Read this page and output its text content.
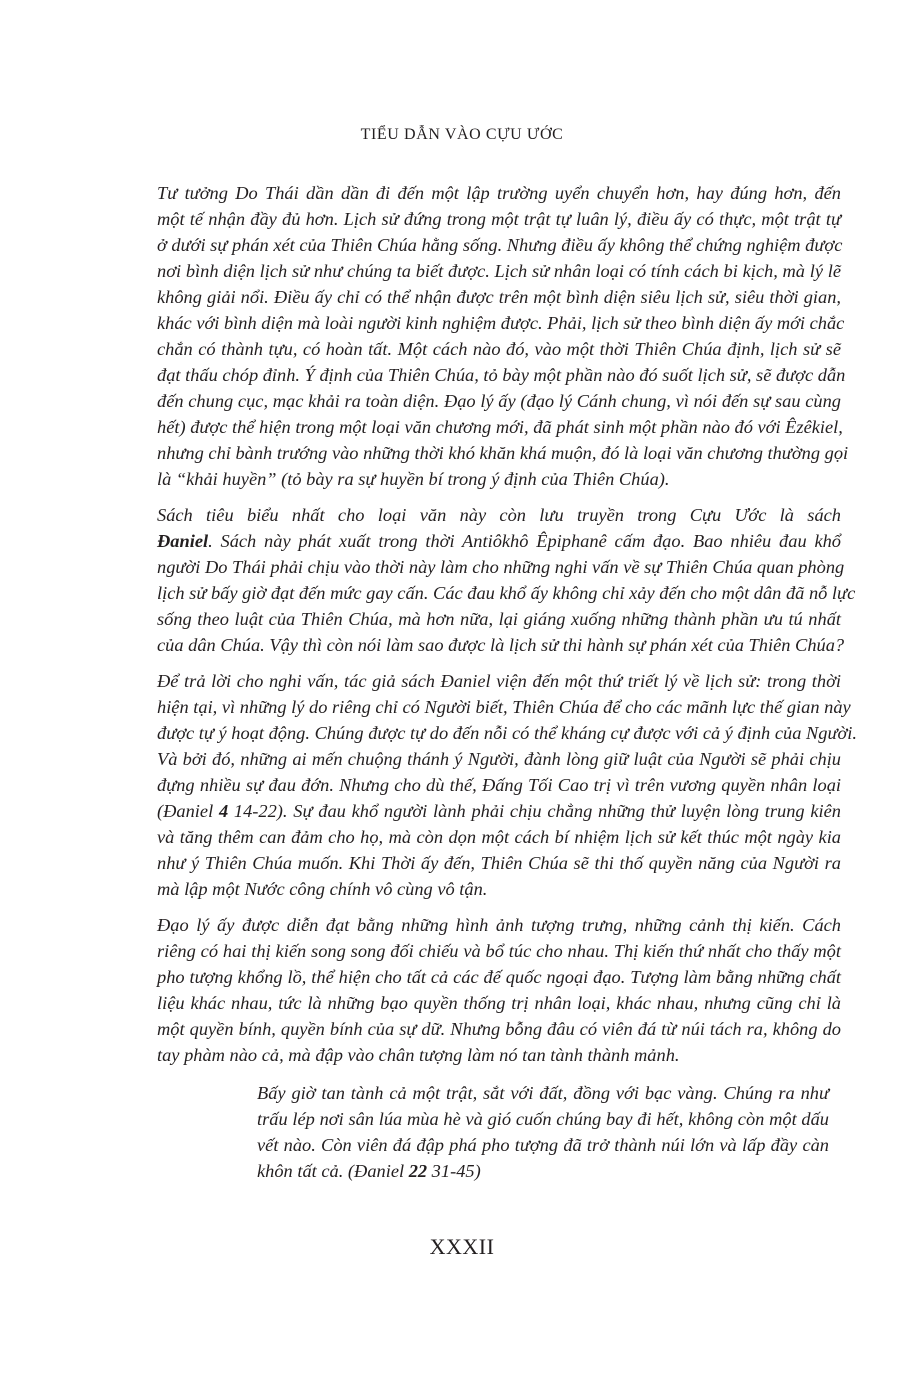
TIỂU DẪN VÀO CỰU ƯỚC

Tư tưởng Do Thái dần dần đi đến một lập trường uyển chuyển hơn, hay đúng hơn, đến
một tế nhận đầy đủ hơn. Lịch sử đứng trong một trật tự luân lý, điều ấy có thực, một trật tự
ở dưới sự phán xét của Thiên Chúa hằng sống. Nhưng điều ấy không thể chứng nghiệm được
nơi bình diện lịch sử như chúng ta biết được. Lịch sử nhân loại có tính cách bi kịch, mà lý lẽ
không giải nổi. Điều ấy chỉ có thể nhận được trên một bình diện siêu lịch sử, siêu thời gian,
khác với bình diện mà loài người kinh nghiệm được. Phải, lịch sử theo bình diện ấy mới chắc
chắn có thành tựu, có hoàn tất. Một cách nào đó, vào một thời Thiên Chúa định, lịch sử sẽ
đạt thấu chóp đỉnh. Ý định của Thiên Chúa, tỏ bày một phần nào đó suốt lịch sử, sẽ được dẫn
đến chung cục, mạc khải ra toàn diện. Đạo lý ấy (đạo lý Cánh chung, vì nói đến sự sau cùng
hết) được thể hiện trong một loại văn chương mới, đã phát sinh một phần nào đó với Êzêkiel,
nhưng chỉ bành trướng vào những thời khó khăn khá muộn, đó là loại văn chương thường gọi
là “khải huyền” (tỏ bày ra sự huyền bí trong ý định của Thiên Chúa).

Sách tiêu biểu nhất cho loại văn này còn lưu truyền trong Cựu Ước là sách
Đaniel. Sách này phát xuất trong thời Antiôkhô Êpiphanê cấm đạo. Bao nhiêu đau khổ
người Do Thái phải chịu vào thời này làm cho những nghi vấn về sự Thiên Chúa quan phòng
lịch sử bấy giờ đạt đến mức gay cấn. Các đau khổ ấy không chỉ xảy đến cho một dân đã nỗ lực
sống theo luật của Thiên Chúa, mà hơn nữa, lại giáng xuống những thành phần ưu tú nhất
của dân Chúa. Vậy thì còn nói làm sao được là lịch sử thi hành sự phán xét của Thiên Chúa?

Để trả lời cho nghi vấn, tác giả sách Đaniel viện đến một thứ triết lý về lịch sử: trong thời
hiện tại, vì những lý do riêng chỉ có Người biết, Thiên Chúa để cho các mãnh lực thế gian này
được tự ý hoạt động. Chúng được tự do đến nỗi có thể kháng cự được với cả ý định của Người.
Và bởi đó, những ai mến chuộng thánh ý Người, đành lòng giữ luật của Người sẽ phải chịu
đựng nhiều sự đau đớn. Nhưng cho dù thế, Đấng Tối Cao trị vì trên vương quyền nhân loại
(Đaniel 4 14-22). Sự đau khổ người lành phải chịu chẳng những thử luyện lòng trung kiên
và tăng thêm can đảm cho họ, mà còn dọn một cách bí nhiệm lịch sử kết thúc một ngày kia
như ý Thiên Chúa muốn. Khi Thời ấy đến, Thiên Chúa sẽ thi thố quyền năng của Người ra
mà lập một Nước công chính vô cùng vô tận.

Đạo lý ấy được diễn đạt bằng những hình ảnh tượng trưng, những cảnh thị kiến. Cách
riêng có hai thị kiến song song đối chiếu và bổ túc cho nhau. Thị kiến thứ nhất cho thấy một
pho tượng khổng lồ, thể hiện cho tất cả các đế quốc ngoại đạo. Tượng làm bằng những chất
liệu khác nhau, tức là những bạo quyền thống trị nhân loại, khác nhau, nhưng cũng chỉ là
một quyền bính, quyền bính của sự dữ. Nhưng bỗng đâu có viên đá từ núi tách ra, không do
tay phàm nào cả, mà đập vào chân tượng làm nó tan tành thành mảnh.

Bấy giờ tan tành cả một trật, sắt với đất, đồng với bạc vàng. Chúng ra như
trấu lép nơi sân lúa mùa hè và gió cuốn chúng bay đi hết, không còn một dấu
vết nào. Còn viên đá đập phá pho tượng đã trở thành núi lớn và lấp đầy càn
khôn tất cả. (Đaniel 22 31-45)
XXXII
